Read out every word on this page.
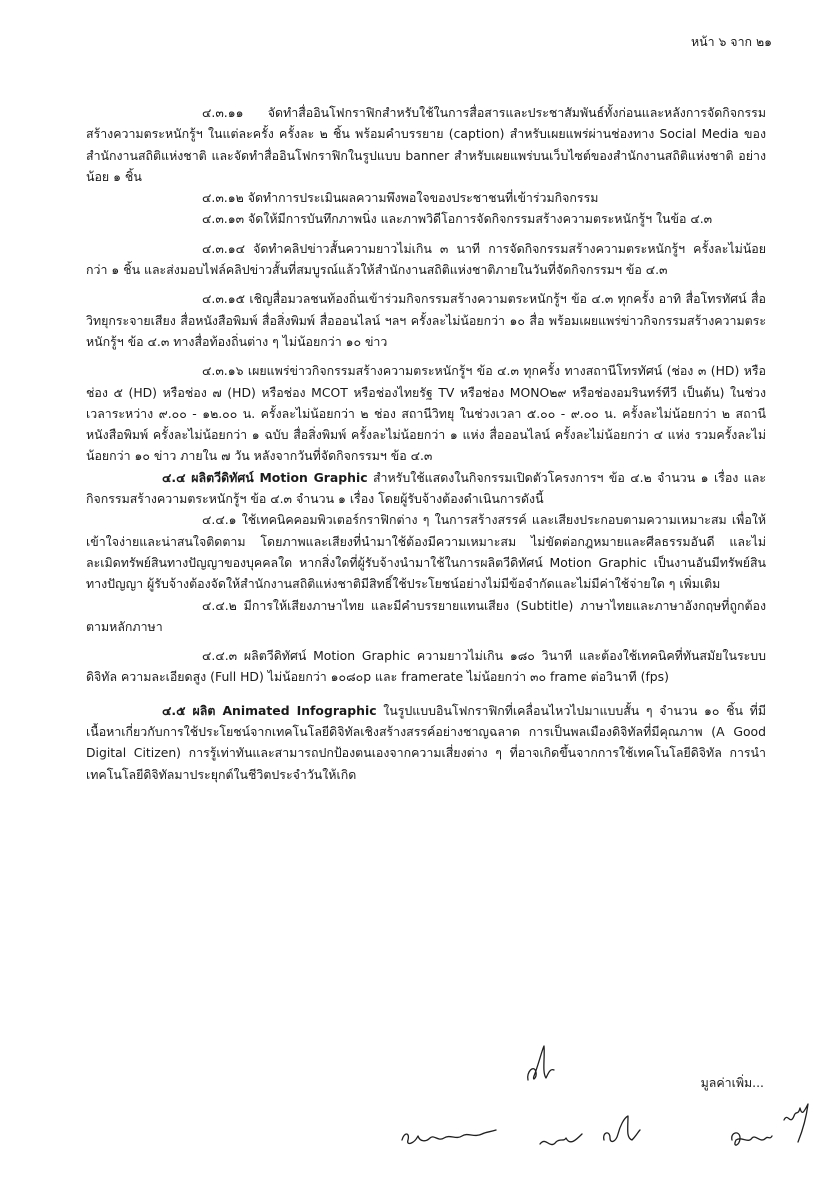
หน้า ๖ จาก ๒๑

๔.๓.๑๑ จัดทำสื่ออินโฟกราฟิกสำหรับใช้ในการสื่อสารและประชาสัมพันธ์ทั้งก่อนและหลังการจัดกิจกรรมสร้างความตระหนักรู้ฯ ในแต่ละครั้ง ครั้งละ ๒ ชิ้น พร้อมคำบรรยาย (caption) สำหรับเผยแพร่ผ่านช่องทาง Social Media ของสำนักงานสถิติแห่งชาติ และจัดทำสื่ออินโฟกราฟิกในรูปแบบ banner สำหรับเผยแพร่บนเว็บไซต์ของสำนักงานสถิติแห่งชาติ อย่างน้อย ๑ ชิ้น

๔.๓.๑๒ จัดทำการประเมินผลความพึงพอใจของประชาชนที่เข้าร่วมกิจกรรม

๔.๓.๑๓ จัดให้มีการบันทึกภาพนิ่ง และภาพวิดีโอการจัดกิจกรรมสร้างความตระหนักรู้ฯ ในข้อ ๔.๓

๔.๓.๑๔ จัดทำคลิปข่าวสั้นความยาวไม่เกิน ๓ นาที การจัดกิจกรรมสร้างความตระหนักรู้ฯ ครั้งละไม่น้อยกว่า ๑ ชิ้น และส่งมอบไฟล์คลิปข่าวสั้นที่สมบูรณ์แล้วให้สำนักงานสถิติแห่งชาติภายในวันที่จัดกิจกรรมฯ ข้อ ๔.๓

๔.๓.๑๕ เชิญสื่อมวลชนท้องถิ่นเข้าร่วมกิจกรรมสร้างความตระหนักรู้ฯ ข้อ ๔.๓ ทุกครั้ง อาทิ สื่อโทรทัศน์ สื่อวิทยุกระจายเสียง สื่อหนังสือพิมพ์ สื่อสิ่งพิมพ์ สื่อออนไลน์ ฯลฯ ครั้งละไม่น้อยกว่า ๑๐ สื่อ พร้อมเผยแพร่ข่าวกิจกรรมสร้างความตระหนักรู้ฯ ข้อ ๔.๓ ทางสื่อท้องถิ่นต่าง ๆ ไม่น้อยกว่า ๑๐ ข่าว

๔.๓.๑๖ เผยแพร่ข่าวกิจกรรมสร้างความตระหนักรู้ฯ ข้อ ๔.๓ ทุกครั้ง ทางสถานีโทรทัศน์ (ช่อง ๓ (HD) หรือช่อง ๕ (HD) หรือช่อง ๗ (HD) หรือช่อง MCOT หรือช่องไทยรัฐ TV หรือช่อง MONO๒๙ หรือช่องอมรินทร์ทีวี เป็นต้น) ในช่วงเวลาระหว่าง ๙.๐๐ - ๑๒.๐๐ น. ครั้งละไม่น้อยกว่า ๒ ช่อง สถานีวิทยุ ในช่วงเวลา ๕.๐๐ - ๙.๐๐ น. ครั้งละไม่น้อยกว่า ๒ สถานี หนังสือพิมพ์ ครั้งละไม่น้อยกว่า ๑ ฉบับ สื่อสิ่งพิมพ์ ครั้งละไม่น้อยกว่า ๑ แห่ง สื่อออนไลน์ ครั้งละไม่น้อยกว่า ๔ แห่ง รวมครั้งละไม่น้อยกว่า ๑๐ ข่าว ภายใน ๗ วัน หลังจากวันที่จัดกิจกรรมฯ ข้อ ๔.๓

๔.๔ ผลิตวีดิทัศน์ Motion Graphic สำหรับใช้แสดงในกิจกรรมเปิดตัวโครงการฯ ข้อ ๔.๒ จำนวน ๑ เรื่อง และกิจกรรมสร้างความตระหนักรู้ฯ ข้อ ๔.๓ จำนวน ๑ เรื่อง โดยผู้รับจ้างต้องดำเนินการดังนี้

๔.๔.๑ ใช้เทคนิคคอมพิวเตอร์กราฟิกต่าง ๆ ในการสร้างสรรค์ และเสียงประกอบตามความเหมาะสม เพื่อให้เข้าใจง่ายและน่าสนใจติดตาม โดยภาพและเสียงที่นำมาใช้ต้องมีความเหมาะสม ไม่ขัดต่อกฎหมายและศีลธรรมอันดี และไม่ละเมิดทรัพย์สินทางปัญญาของบุคคลใด หากสิ่งใดที่ผู้รับจ้างนำมาใช้ในการผลิตวีดิทัศน์ Motion Graphic เป็นงานอันมีทรัพย์สินทางปัญญา ผู้รับจ้างต้องจัดให้สำนักงานสถิติแห่งชาติมีสิทธิ์ใช้ประโยชน์อย่างไม่มีข้อจำกัดและไม่มีค่าใช้จ่ายใด ๆ เพิ่มเติม

๔.๔.๒ มีการให้เสียงภาษาไทย และมีคำบรรยายแทนเสียง (Subtitle) ภาษาไทยและภาษาอังกฤษที่ถูกต้องตามหลักภาษา

๔.๔.๓ ผลิตวีดิทัศน์ Motion Graphic ความยาวไม่เกิน ๑๘๐ วินาที และต้องใช้เทคนิคที่ทันสมัยในระบบดิจิทัล ความละเอียดสูง (Full HD) ไม่น้อยกว่า ๑๐๘๐p และ framerate ไม่น้อยกว่า ๓๐ frame ต่อวินาที (fps)

๔.๕ ผลิต Animated Infographic ในรูปแบบอินโฟกราฟิกที่เคลื่อนไหวไปมาแบบสั้น ๆ จำนวน ๑๐ ชิ้น ที่มีเนื้อหาเกี่ยวกับการใช้ประโยชน์จากเทคโนโลยีดิจิทัลเชิงสร้างสรรค์อย่างชาญฉลาด การเป็นพลเมืองดิจิทัลที่มีคุณภาพ (A Good Digital Citizen) การรู้เท่าทันและสามารถปกป้องตนเองจากความเสี่ยงต่าง ๆ ที่อาจเกิดขึ้นจากการใช้เทคโนโลยีดิจิทัล การนำเทคโนโลยีดิจิทัลมาประยุกต์ในชีวิตประจำวันให้เกิด

มูลค่าเพิ่ม...
